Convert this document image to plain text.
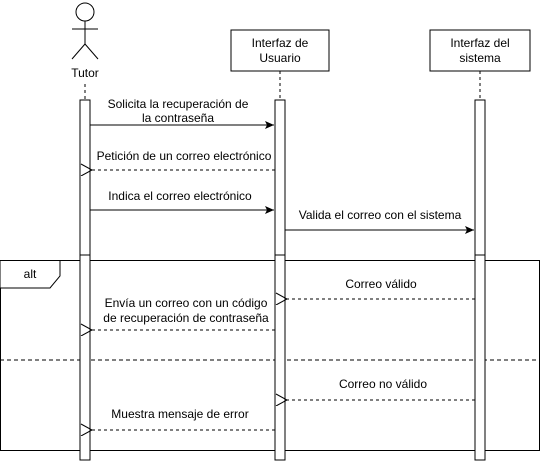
Tutor
Interfaz de
Usuario
Interfaz del
sistema
Solicita la recuperación de
la contraseña
Petición de un correo electrónico
Indica el correo electrónico
Valida el correo con el sistema
alt
Correo válido
Envía un correo con un código
de recuperación de contraseña
Correo no válido
Muestra mensaje de error
